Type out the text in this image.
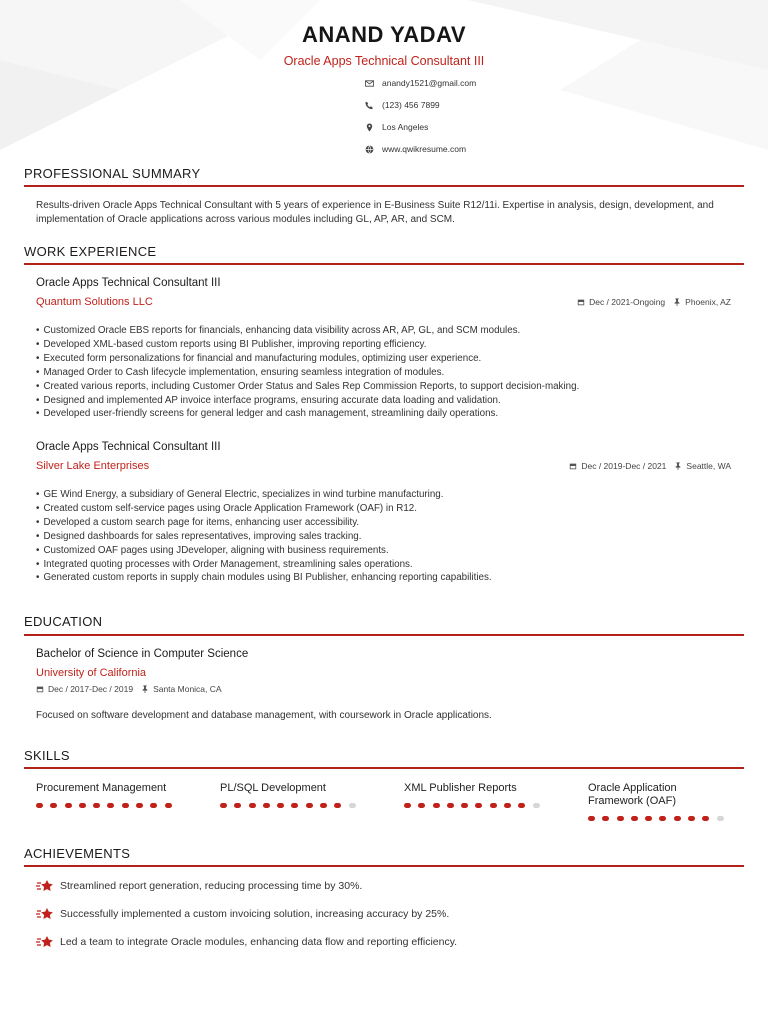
ANAND YADAV
Oracle Apps Technical Consultant III
anandy1521@gmail.com
(123) 456 7899
Los Angeles
www.qwikresume.com
PROFESSIONAL SUMMARY
Results-driven Oracle Apps Technical Consultant with 5 years of experience in E-Business Suite R12/11i. Expertise in analysis, design, development, and implementation of Oracle applications across various modules including GL, AP, AR, and SCM.
WORK EXPERIENCE
Oracle Apps Technical Consultant III
Quantum Solutions LLC	Dec / 2021-Ongoing Phoenix, AZ
• Customized Oracle EBS reports for financials, enhancing data visibility across AR, AP, GL, and SCM modules.
• Developed XML-based custom reports using BI Publisher, improving reporting efficiency.
• Executed form personalizations for financial and manufacturing modules, optimizing user experience.
• Managed Order to Cash lifecycle implementation, ensuring seamless integration of modules.
• Created various reports, including Customer Order Status and Sales Rep Commission Reports, to support decision-making.
• Designed and implemented AP invoice interface programs, ensuring accurate data loading and validation.
• Developed user-friendly screens for general ledger and cash management, streamlining daily operations.
Oracle Apps Technical Consultant III
Silver Lake Enterprises	Dec / 2019-Dec / 2021 Seattle, WA
• GE Wind Energy, a subsidiary of General Electric, specializes in wind turbine manufacturing.
• Created custom self-service pages using Oracle Application Framework (OAF) in R12.
• Developed a custom search page for items, enhancing user accessibility.
• Designed dashboards for sales representatives, improving sales tracking.
• Customized OAF pages using JDeveloper, aligning with business requirements.
• Integrated quoting processes with Order Management, streamlining sales operations.
• Generated custom reports in supply chain modules using BI Publisher, enhancing reporting capabilities.
EDUCATION
Bachelor of Science in Computer Science
University of California
Dec / 2017-Dec / 2019 Santa Monica, CA
Focused on software development and database management, with coursework in Oracle applications.
SKILLS
Procurement Management	PL/SQL Development	XML Publisher Reports	Oracle Application Framework (OAF)
ACHIEVEMENTS
Streamlined report generation, reducing processing time by 30%.
Successfully implemented a custom invoicing solution, increasing accuracy by 25%.
Led a team to integrate Oracle modules, enhancing data flow and reporting efficiency.
